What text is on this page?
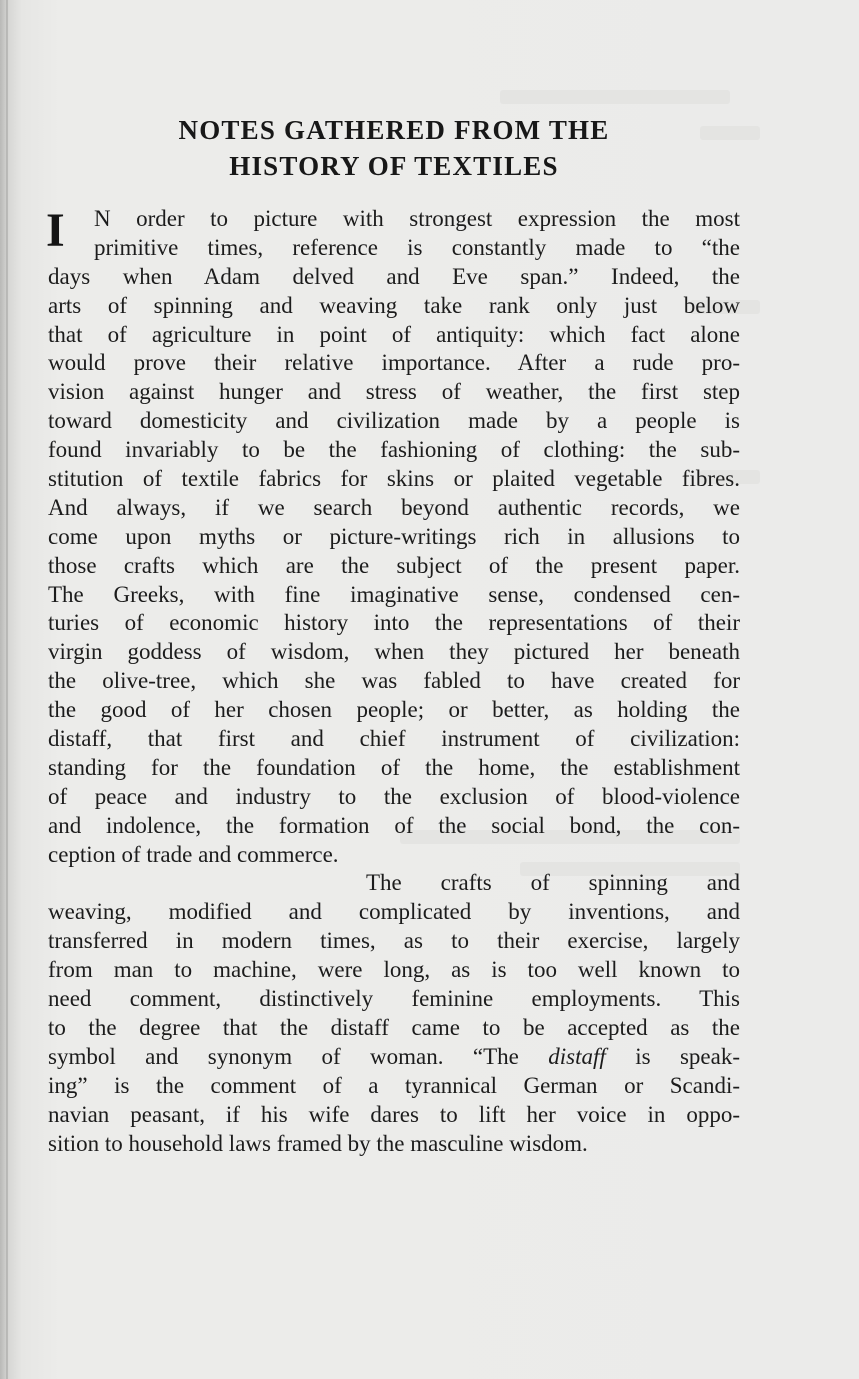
NOTES GATHERED FROM THE
HISTORY OF TEXTILES
I	N order to picture with strongest expression the most
primitive times, reference is constantly made to “the
days when Adam delved and Eve span.” Indeed, the
arts of spinning and weaving take rank only just below
that of agriculture in point of antiquity: which fact alone
would prove their relative importance. After a rude pro-
vision against hunger and stress of weather, the first step
toward domesticity and civilization made by a people is
found invariably to be the fashioning of clothing: the sub-
stitution of textile fabrics for skins or plaited vegetable fibres.
And always, if we search beyond authentic records, we
come upon myths or picture-writings rich in allusions to
those crafts which are the subject of the present paper.
The Greeks, with fine imaginative sense, condensed cen-
turies of economic history into the representations of their
virgin goddess of wisdom, when they pictured her beneath
the olive-tree, which she was fabled to have created for
the good of her chosen people; or better, as holding the
distaff, that first and chief instrument of civilization:
standing for the foundation of the home, the establishment
of peace and industry to the exclusion of blood-violence
and indolence, the formation of the social bond, the con-
ception of trade and commerce.
The crafts of spinning and
weaving, modified and complicated by inventions, and
transferred in modern times, as to their exercise, largely
from man to machine, were long, as is too well known to
need comment, distinctively feminine employments. This
to the degree that the distaff came to be accepted as the
symbol and synonym of woman. “The distaff is speak-
ing” is the comment of a tyrannical German or Scandi-
navian peasant, if his wife dares to lift her voice in oppo-
sition to household laws framed by the masculine wisdom.
